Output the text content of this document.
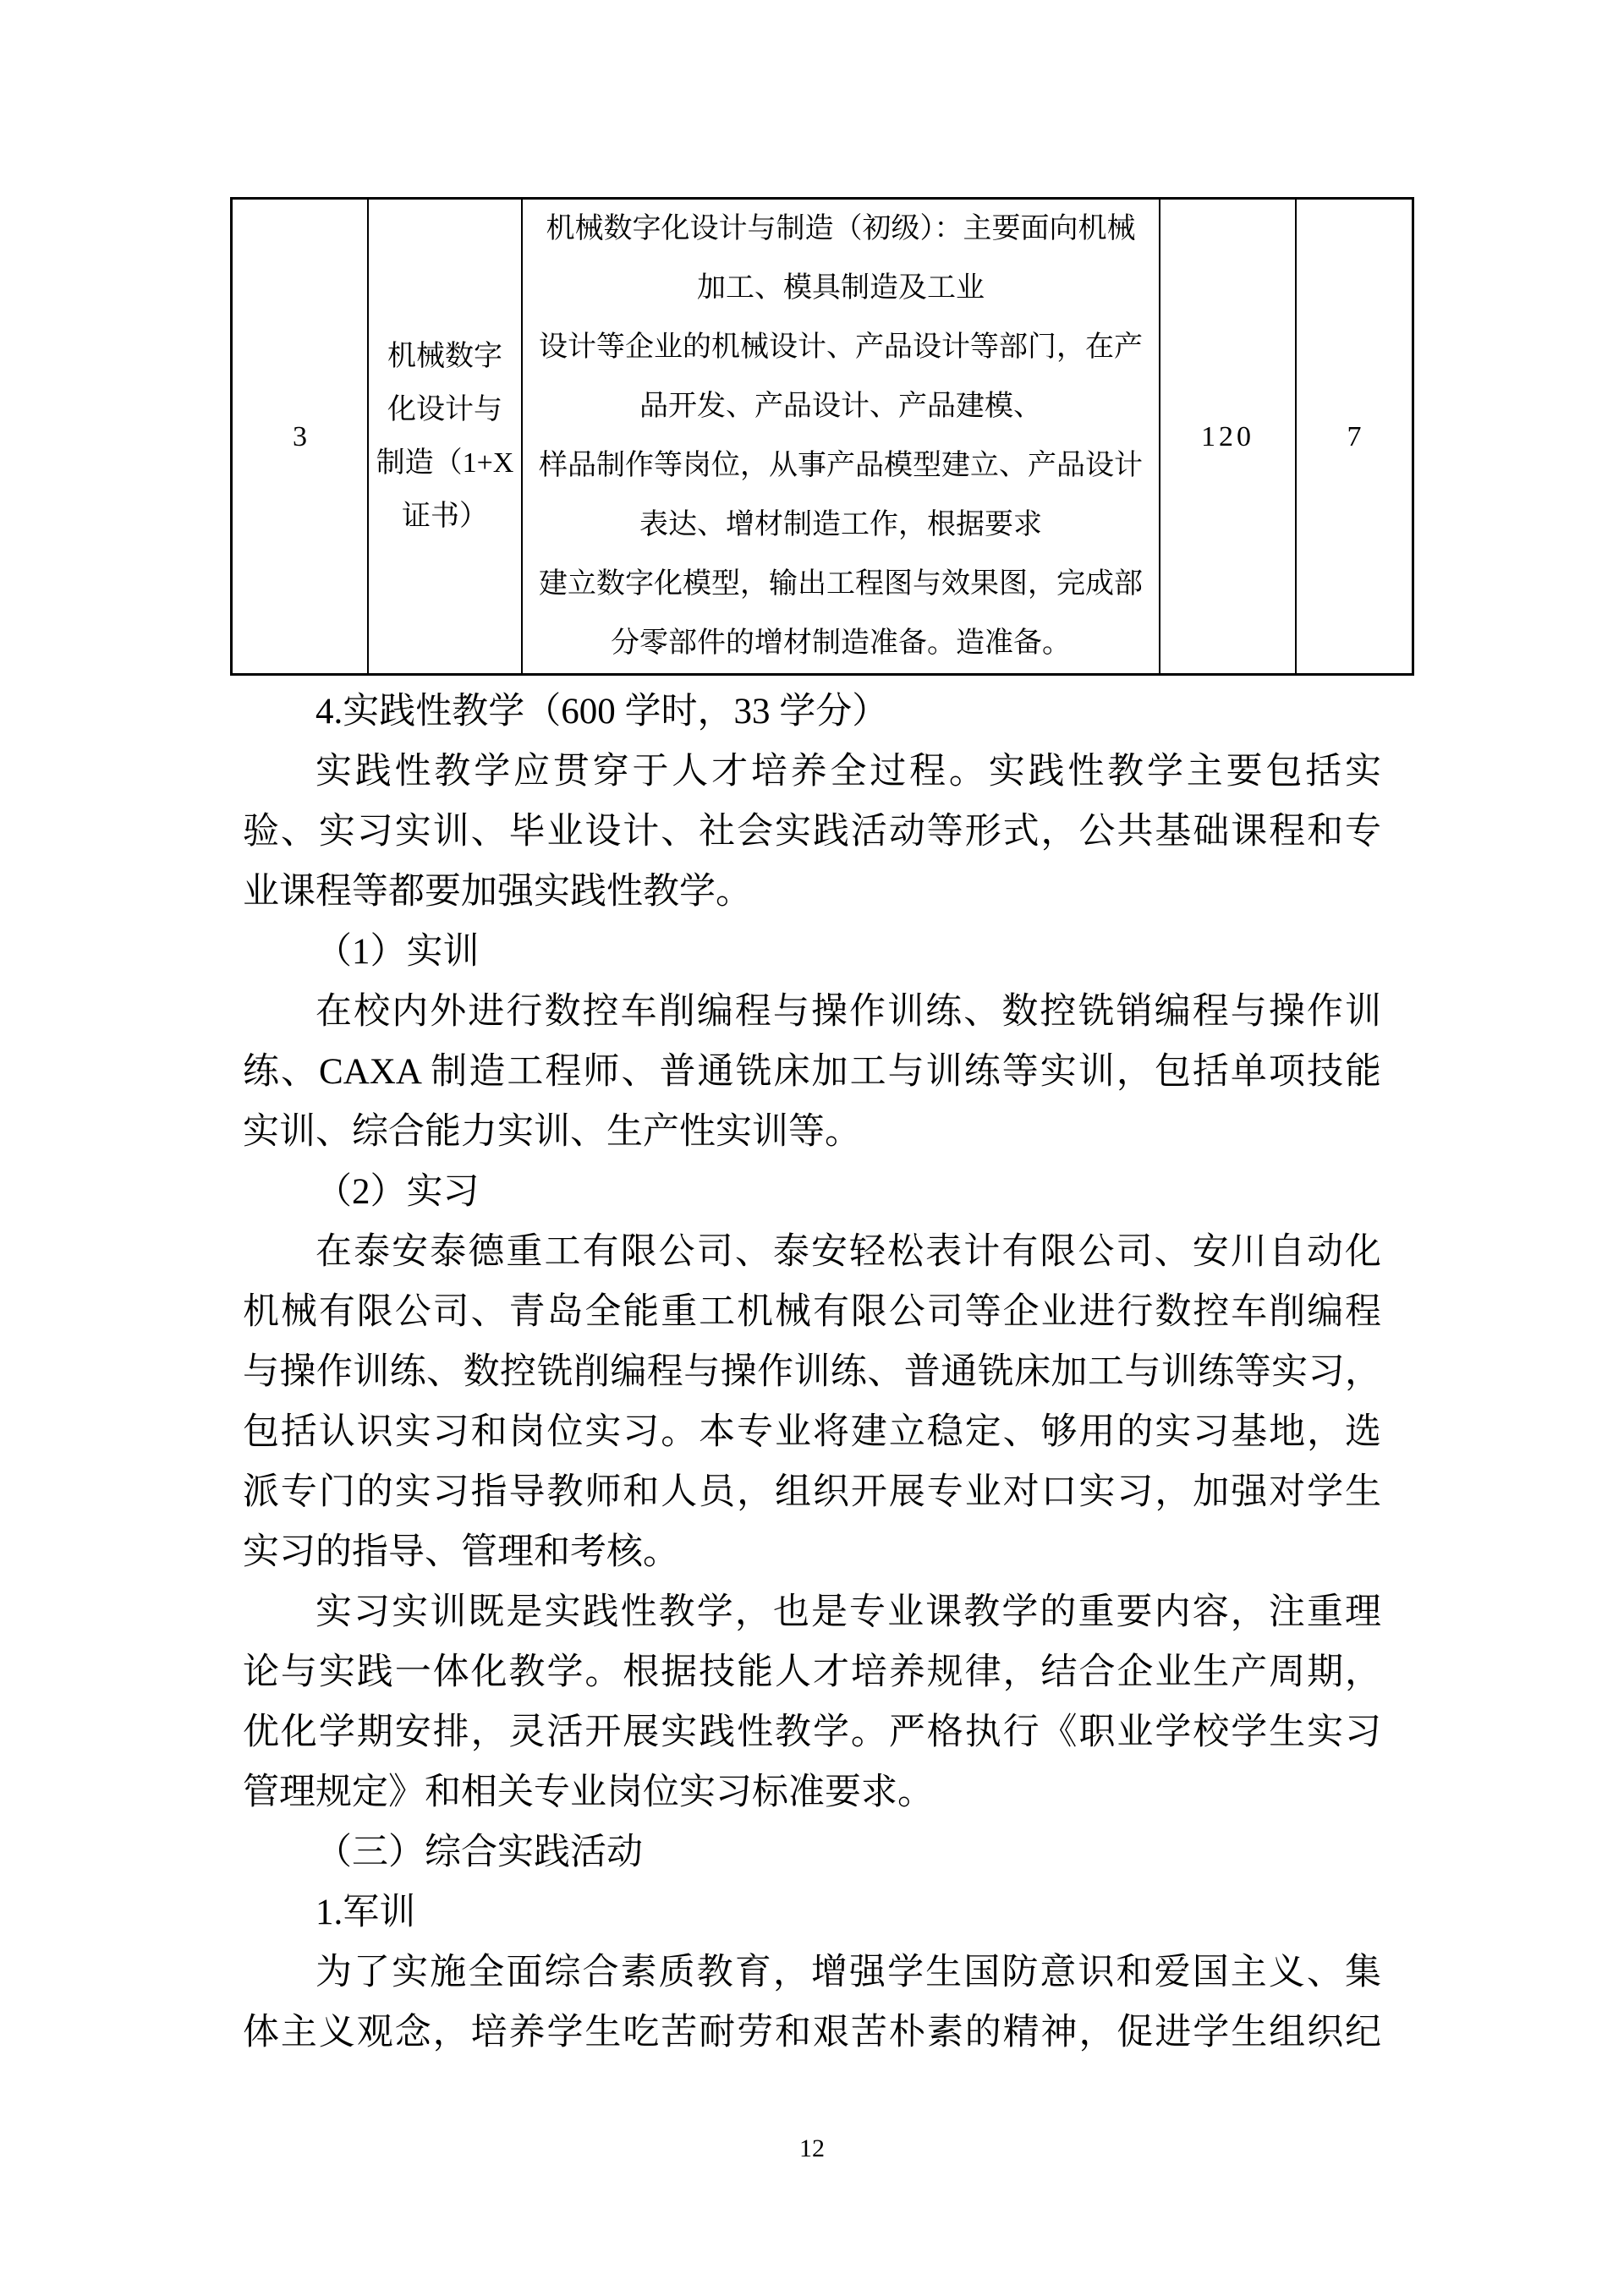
3
机械数字
化设计与
制造（1+X
证书）
机械数字化设计与制造（初级）：主要面向机械
加工、模具制造及工业
设计等企业的机械设计、产品设计等部门，在产
品开发、产品设计、产品建模、
样品制作等岗位，从事产品模型建立、产品设计
表达、增材制造工作，根据要求
建立数字化模型，输出工程图与效果图，完成部
分零部件的增材制造准备。造准备。
120	7
4.实践性教学（600 学时，33 学分）
实践性教学应贯穿于人才培养全过程。实践性教学主要包括实
验、实习实训、毕业设计、社会实践活动等形式，公共基础课程和专
业课程等都要加强实践性教学。
（1）实训
在校内外进行数控车削编程与操作训练、数控铣销编程与操作训
练、CAXA 制造工程师、普通铣床加工与训练等实训，包括单项技能
实训、综合能力实训、生产性实训等。
（2）实习
在泰安泰德重工有限公司、泰安轻松表计有限公司、安川自动化
机械有限公司、青岛全能重工机械有限公司等企业进行数控车削编程
与操作训练、数控铣削编程与操作训练、普通铣床加工与训练等实习，
包括认识实习和岗位实习。本专业将建立稳定、够用的实习基地，选
派专门的实习指导教师和人员，组织开展专业对口实习，加强对学生
实习的指导、管理和考核。
实习实训既是实践性教学，也是专业课教学的重要内容，注重理
论与实践一体化教学。根据技能人才培养规律，结合企业生产周期，
优化学期安排，灵活开展实践性教学。严格执行《职业学校学生实习
管理规定》和相关专业岗位实习标准要求。
（三）综合实践活动
1.军训
为了实施全面综合素质教育，增强学生国防意识和爱国主义、集
体主义观念，培养学生吃苦耐劳和艰苦朴素的精神，促进学生组织纪
12
